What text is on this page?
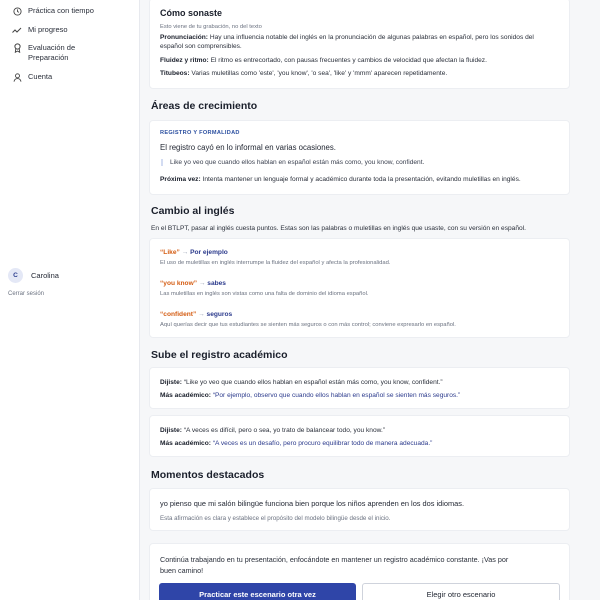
Práctica con tiempo
Mi progreso
Evaluación de
Preparación
Cuenta
C	Carolina
Cerrar sesión
Cómo sonaste
Esto viene de tu grabación, no del texto
Pronunciación: Hay una influencia notable del inglés en la pronunciación de algunas palabras en español, pero los sonidos del
español son comprensibles.
Fluidez y ritmo: El ritmo es entrecortado, con pausas frecuentes y cambios de velocidad que afectan la fluidez.
Titubeos: Varias muletillas como 'este', 'you know', 'o sea', 'like' y 'mmm' aparecen repetidamente.
Áreas de crecimiento
REGISTRO Y FORMALIDAD
El registro cayó en lo informal en varias ocasiones.
Like yo veo que cuando ellos hablan en español están más como, you know, confident.
Próxima vez: Intenta mantener un lenguaje formal y académico durante toda la presentación, evitando muletillas en inglés.
Cambio al inglés
En el BTLPT, pasar al inglés cuesta puntos. Estas son las palabras o muletillas en inglés que usaste, con su versión en español.
“Like” → Por ejemplo
El uso de muletillas en inglés interrumpe la fluidez del español y afecta la profesionalidad.
“you know” → sabes
Las muletillas en inglés son vistas como una falta de dominio del idioma español.
“confident” → seguros
Aquí querías decir que tus estudiantes se sienten más seguros o con más control; conviene expresarlo en español.
Sube el registro académico
Dijiste: “Like yo veo que cuando ellos hablan en español están más como, you know, confident.”
Más académico: “Por ejemplo, observo que cuando ellos hablan en español se sienten más seguros.”
Dijiste: “A veces es difícil, pero o sea, yo trato de balancear todo, you know.”
Más académico: “A veces es un desafío, pero procuro equilibrar todo de manera adecuada.”
Momentos destacados
yo pienso que mi salón bilingüe funciona bien porque los niños aprenden en los dos idiomas.
Esta afirmación es clara y establece el propósito del modelo bilingüe desde el inicio.
Continúa trabajando en tu presentación, enfocándote en mantener un registro académico constante. ¡Vas por
buen camino!
Practicar este escenario otra vez	Elegir otro escenario
